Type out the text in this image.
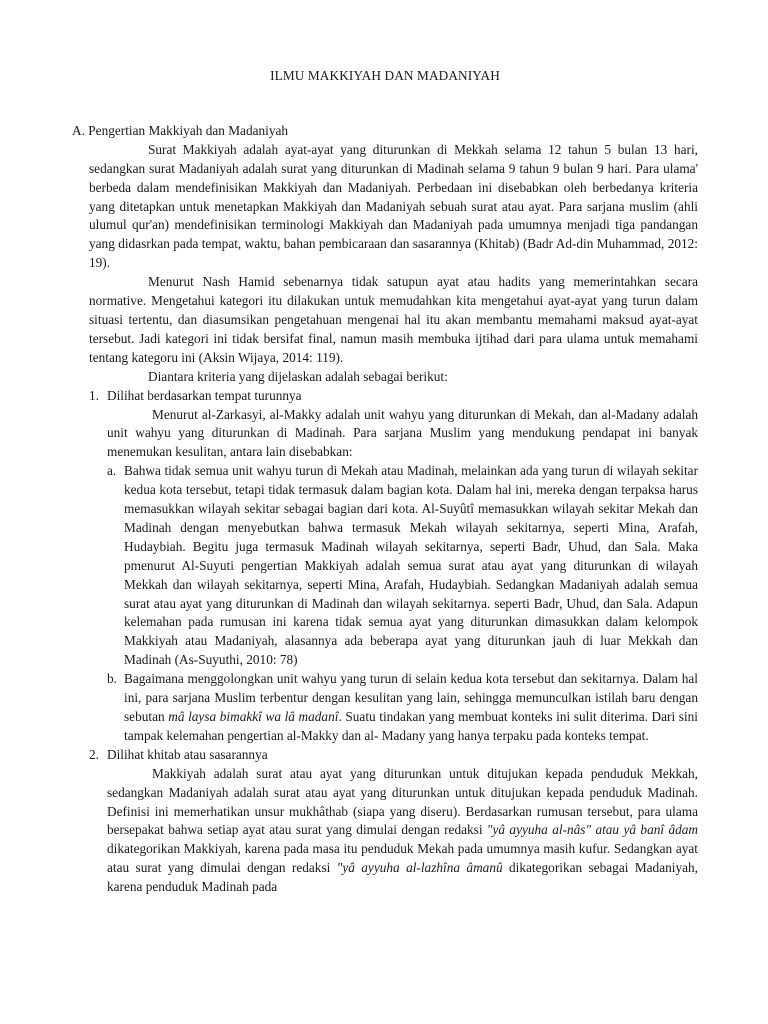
ILMU MAKKIYAH DAN MADANIYAH
A. Pengertian Makkiyah dan Madaniyah

Surat Makkiyah adalah ayat-ayat yang diturunkan di Mekkah selama 12 tahun 5 bulan 13 hari, sedangkan surat Madaniyah adalah surat yang diturunkan di Madinah selama 9 tahun 9 bulan 9 hari. Para ulama' berbeda dalam mendefinisikan Makkiyah dan Madaniyah. Perbedaan ini disebabkan oleh berbedanya kriteria yang ditetapkan untuk menetapkan Makkiyah dan Madaniyah sebuah surat atau ayat. Para sarjana muslim (ahli ulumul qur'an) mendefinisikan terminologi Makkiyah dan Madaniyah pada umumnya menjadi tiga pandangan yang didasrkan pada tempat, waktu, bahan pembicaraan dan sasarannya (Khitab) (Badr Ad-din Muhammad, 2012: 19).

Menurut Nash Hamid sebenarnya tidak satupun ayat atau hadits yang memerintahkan secara normative. Mengetahui kategori itu dilakukan untuk memudahkan kita mengetahui ayat-ayat yang turun dalam situasi tertentu, dan diasumsikan pengetahuan mengenai hal itu akan membantu memahami maksud ayat-ayat tersebut. Jadi kategori ini tidak bersifat final, namun masih membuka ijtihad dari para ulama untuk memahami tentang kategoru ini (Aksin Wijaya, 2014: 119).

Diantara kriteria yang dijelaskan adalah sebagai berikut:

1. Dilihat berdasarkan tempat turunnya

Menurut al-Zarkasyi, al-Makky adalah unit wahyu yang diturunkan di Mekah, dan al-Madany adalah unit wahyu yang diturunkan di Madinah. Para sarjana Muslim yang mendukung pendapat ini banyak menemukan kesulitan, antara lain disebabkan:

a. Bahwa tidak semua unit wahyu turun di Mekah atau Madinah, melainkan ada yang turun di wilayah sekitar kedua kota tersebut, tetapi tidak termasuk dalam bagian kota. Dalam hal ini, mereka dengan terpaksa harus memasukkan wilayah sekitar sebagai bagian dari kota. Al-Suyûtî memasukkan wilayah sekitar Mekah dan Madinah dengan menyebutkan bahwa termasuk Mekah wilayah sekitarnya, seperti Mina, Arafah, Hudaybiah. Begitu juga termasuk Madinah wilayah sekitarnya, seperti Badr, Uhud, dan Sala. Maka pmenurut Al-Suyuti pengertian Makkiyah adalah semua surat atau ayat yang diturunkan di wilayah Mekkah dan wilayah sekitarnya, seperti Mina, Arafah, Hudaybiah. Sedangkan Madaniyah adalah semua surat atau ayat yang diturunkan di Madinah dan wilayah sekitarnya. seperti Badr, Uhud, dan Sala. Adapun kelemahan pada rumusan ini karena tidak semua ayat yang diturunkan dimasukkan dalam kelompok Makkiyah atau Madaniyah, alasannya ada beberapa ayat yang diturunkan jauh di luar Mekkah dan Madinah (As-Suyuthi, 2010: 78)

b. Bagaimana menggolongkan unit wahyu yang turun di selain kedua kota tersebut dan sekitarnya. Dalam hal ini, para sarjana Muslim terbentur dengan kesulitan yang lain, sehingga memunculkan istilah baru dengan sebutan mâ laysa bimakkî wa lâ madanî. Suatu tindakan yang membuat konteks ini sulit diterima. Dari sini tampak kelemahan pengertian al-Makky dan al- Madany yang hanya terpaku pada konteks tempat.

2. Dilihat khitab atau sasarannya

Makkiyah adalah surat atau ayat yang diturunkan untuk ditujukan kepada penduduk Mekkah, sedangkan Madaniyah adalah surat atau ayat yang diturunkan untuk ditujukan kepada penduduk Madinah. Definisi ini memerhatikan unsur mukhâthab (siapa yang diseru). Berdasarkan rumusan tersebut, para ulama bersepakat bahwa setiap ayat atau surat yang dimulai dengan redaksi "yâ ayyuha al-nâs" atau yâ banî âdam dikategorikan Makkiyah, karena pada masa itu penduduk Mekah pada umumnya masih kufur. Sedangkan ayat atau surat yang dimulai dengan redaksi "yâ ayyuha al-lazhîna âmanû dikategorikan sebagai Madaniyah, karena penduduk Madinah pada
